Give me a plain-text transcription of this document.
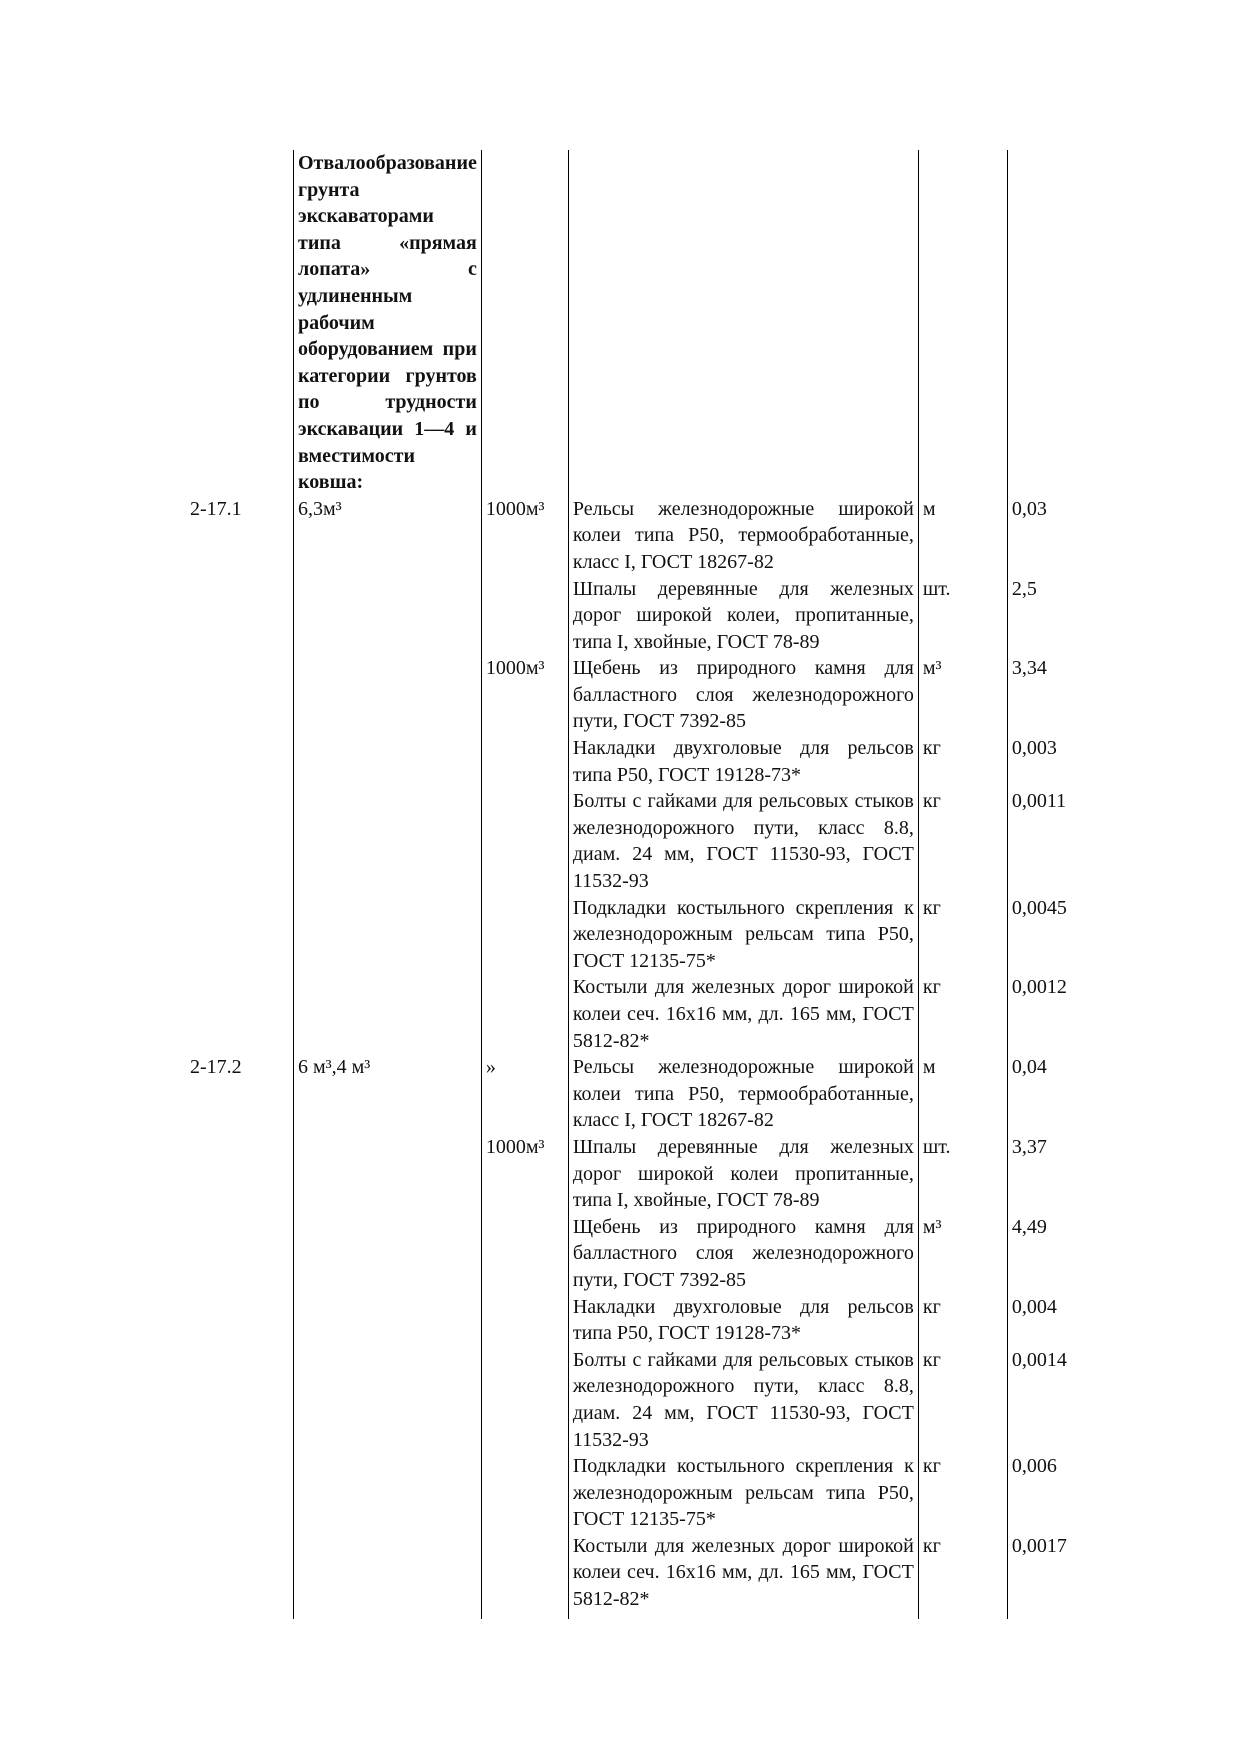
	Отвалообразование грунта экскаваторами типа «прямая лопата» с удлиненным рабочим оборудованием при категории грунтов по трудности экскавации 1—4 и вместимости ковша:				
2-17.1	6,3м³	1000м³	Рельсы железнодорожные широкой колеи типа Р50, термообработанные, класс I, ГОСТ 18267-82	м	0,03
			Шпалы деревянные для железных дорог широкой колеи, пропитанные, типа I, хвойные, ГОСТ 78-89	шт.	2,5
		1000м³	Щебень из природного камня для балластного слоя железнодорожного пути, ГОСТ 7392-85	м³	3,34
			Накладки двухголовые для рельсов типа Р50, ГОСТ 19128-73*	кг	0,003
			Болты с гайками для рельсовых стыков железнодорожного пути, класс 8.8, диам. 24 мм, ГОСТ 11530-93, ГОСТ 11532-93	кг	0,0011
			Подкладки костыльного скрепления к железнодорожным рельсам типа Р50, ГОСТ 12135-75*	кг	0,0045
			Костыли для железных дорог широкой колеи сеч. 16х16 мм, дл. 165 мм, ГОСТ 5812-82*	кг	0,0012
2-17.2	6 м³,4 м³	»	Рельсы железнодорожные широкой колеи типа Р50, термообработанные, класс I, ГОСТ 18267-82	м	0,04
		1000м³	Шпалы деревянные для железных дорог широкой колеи пропитанные, типа I, хвойные, ГОСТ 78-89	шт.	3,37
			Щебень из природного камня для балластного слоя железнодорожного пути, ГОСТ 7392-85	м³	4,49
			Накладки двухголовые для рельсов типа Р50, ГОСТ 19128-73*	кг	0,004
			Болты с гайками для рельсовых стыков железнодорожного пути, класс 8.8, диам. 24 мм, ГОСТ 11530-93, ГОСТ 11532-93	кг	0,0014
			Подкладки костыльного скрепления к железнодорожным рельсам типа Р50, ГОСТ 12135-75*	кг	0,006
			Костыли для железных дорог широкой колеи сеч. 16х16 мм, дл. 165 мм, ГОСТ 5812-82*	кг	0,0017
